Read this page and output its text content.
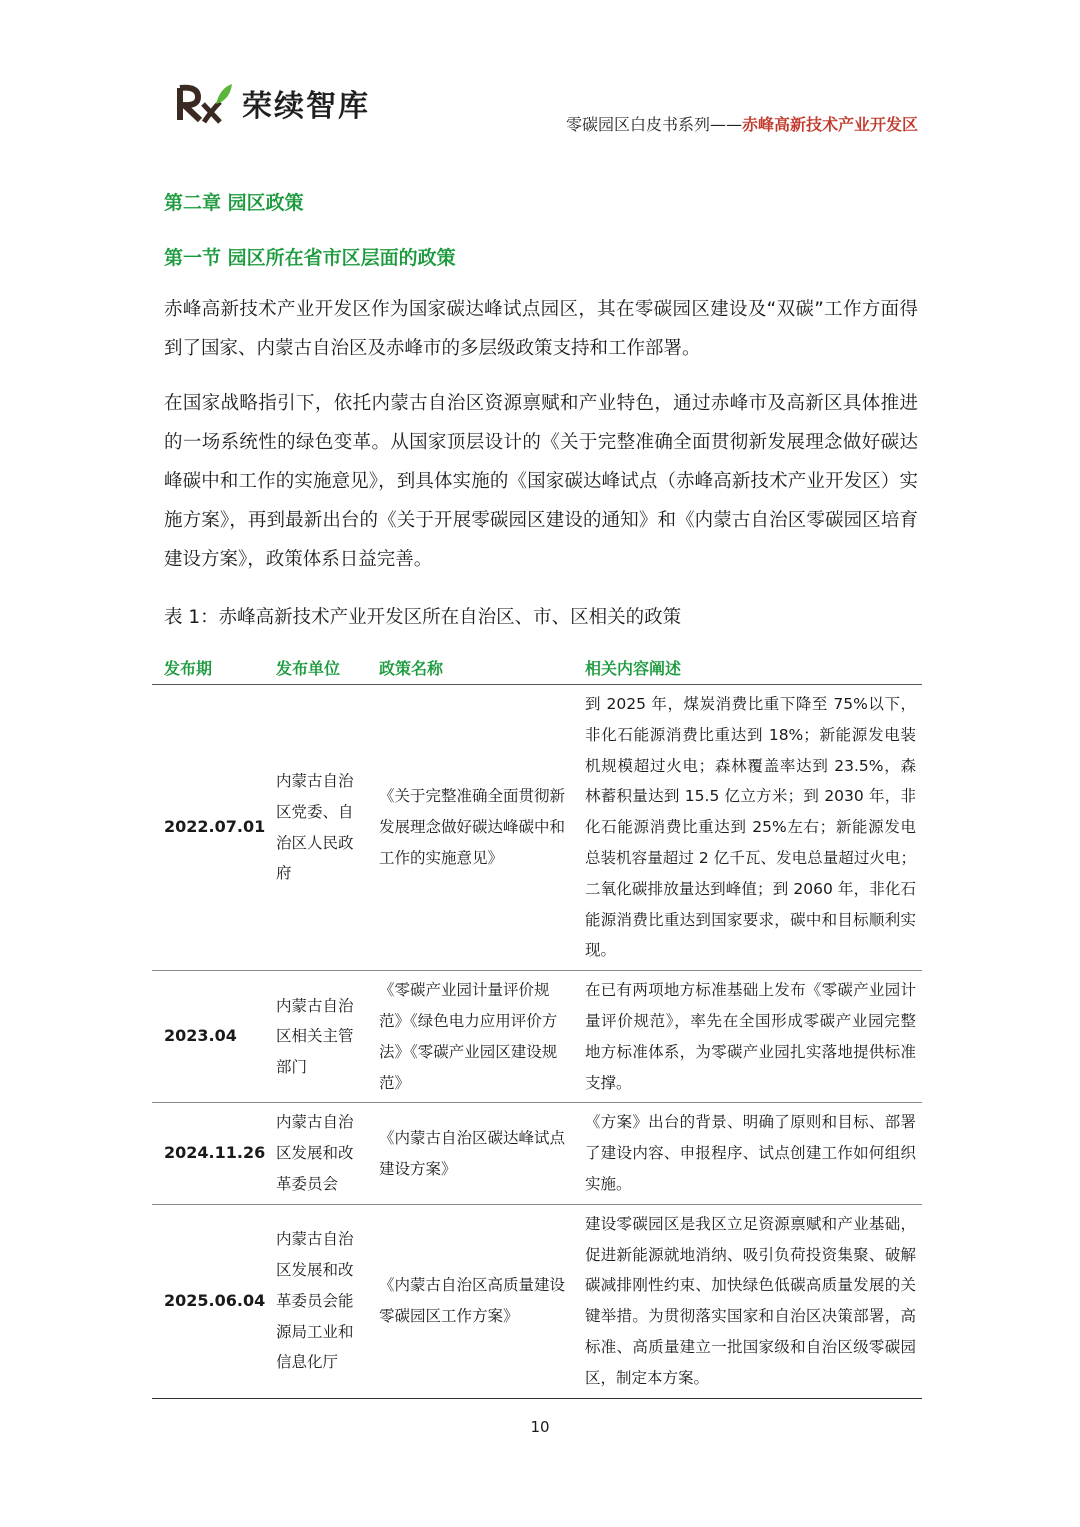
荣续智库
零碳园区白皮书系列——赤峰高新技术产业开发区
第二章 园区政策
第一节 园区所在省市区层面的政策
赤峰高新技术产业开发区作为国家碳达峰试点园区，其在零碳园区建设及“双碳”工作方面得到了国家、内蒙古自治区及赤峰市的多层级政策支持和工作部署。
在国家战略指引下，依托内蒙古自治区资源禀赋和产业特色，通过赤峰市及高新区具体推进的一场系统性的绿色变革。从国家顶层设计的《关于完整准确全面贯彻新发展理念做好碳达峰碳中和工作的实施意见》，到具体实施的《国家碳达峰试点（赤峰高新技术产业开发区）实施方案》，再到最新出台的《关于开展零碳园区建设的通知》和《内蒙古自治区零碳园区培育建设方案》，政策体系日益完善。
表 1：赤峰高新技术产业开发区所在自治区、市、区相关的政策
发布期	发布单位	政策名称	相关内容阐述
2022.07.01	内蒙古自治区党委、自治区人民政府	《关于完整准确全面贯彻新发展理念做好碳达峰碳中和工作的实施意见》	到 2025 年，煤炭消费比重下降至 75%以下，非化石能源消费比重达到 18%；新能源发电装机规模超过火电；森林覆盖率达到 23.5%，森林蓄积量达到 15.5 亿立方米；到 2030 年，非化石能源消费比重达到 25%左右；新能源发电总装机容量超过 2 亿千瓦、发电总量超过火电；二氧化碳排放量达到峰值；到 2060 年，非化石能源消费比重达到国家要求，碳中和目标顺利实现。
2023.04	内蒙古自治区相关主管部门	《零碳产业园计量评价规范》《绿色电力应用评价方法》《零碳产业园区建设规范》	在已有两项地方标准基础上发布《零碳产业园计量评价规范》，率先在全国形成零碳产业园完整地方标准体系，为零碳产业园扎实落地提供标准支撑。
2024.11.26	内蒙古自治区发展和改革委员会	《内蒙古自治区碳达峰试点建设方案》	《方案》出台的背景、明确了原则和目标、部署了建设内容、申报程序、试点创建工作如何组织实施。
2025.06.04	内蒙古自治区发展和改革委员会能源局工业和信息化厅	《内蒙古自治区高质量建设零碳园区工作方案》	建设零碳园区是我区立足资源禀赋和产业基础，促进新能源就地消纳、吸引负荷投资集聚、破解碳减排刚性约束、加快绿色低碳高质量发展的关键举措。为贯彻落实国家和自治区决策部署，高标准、高质量建立一批国家级和自治区级零碳园区，制定本方案。
10
